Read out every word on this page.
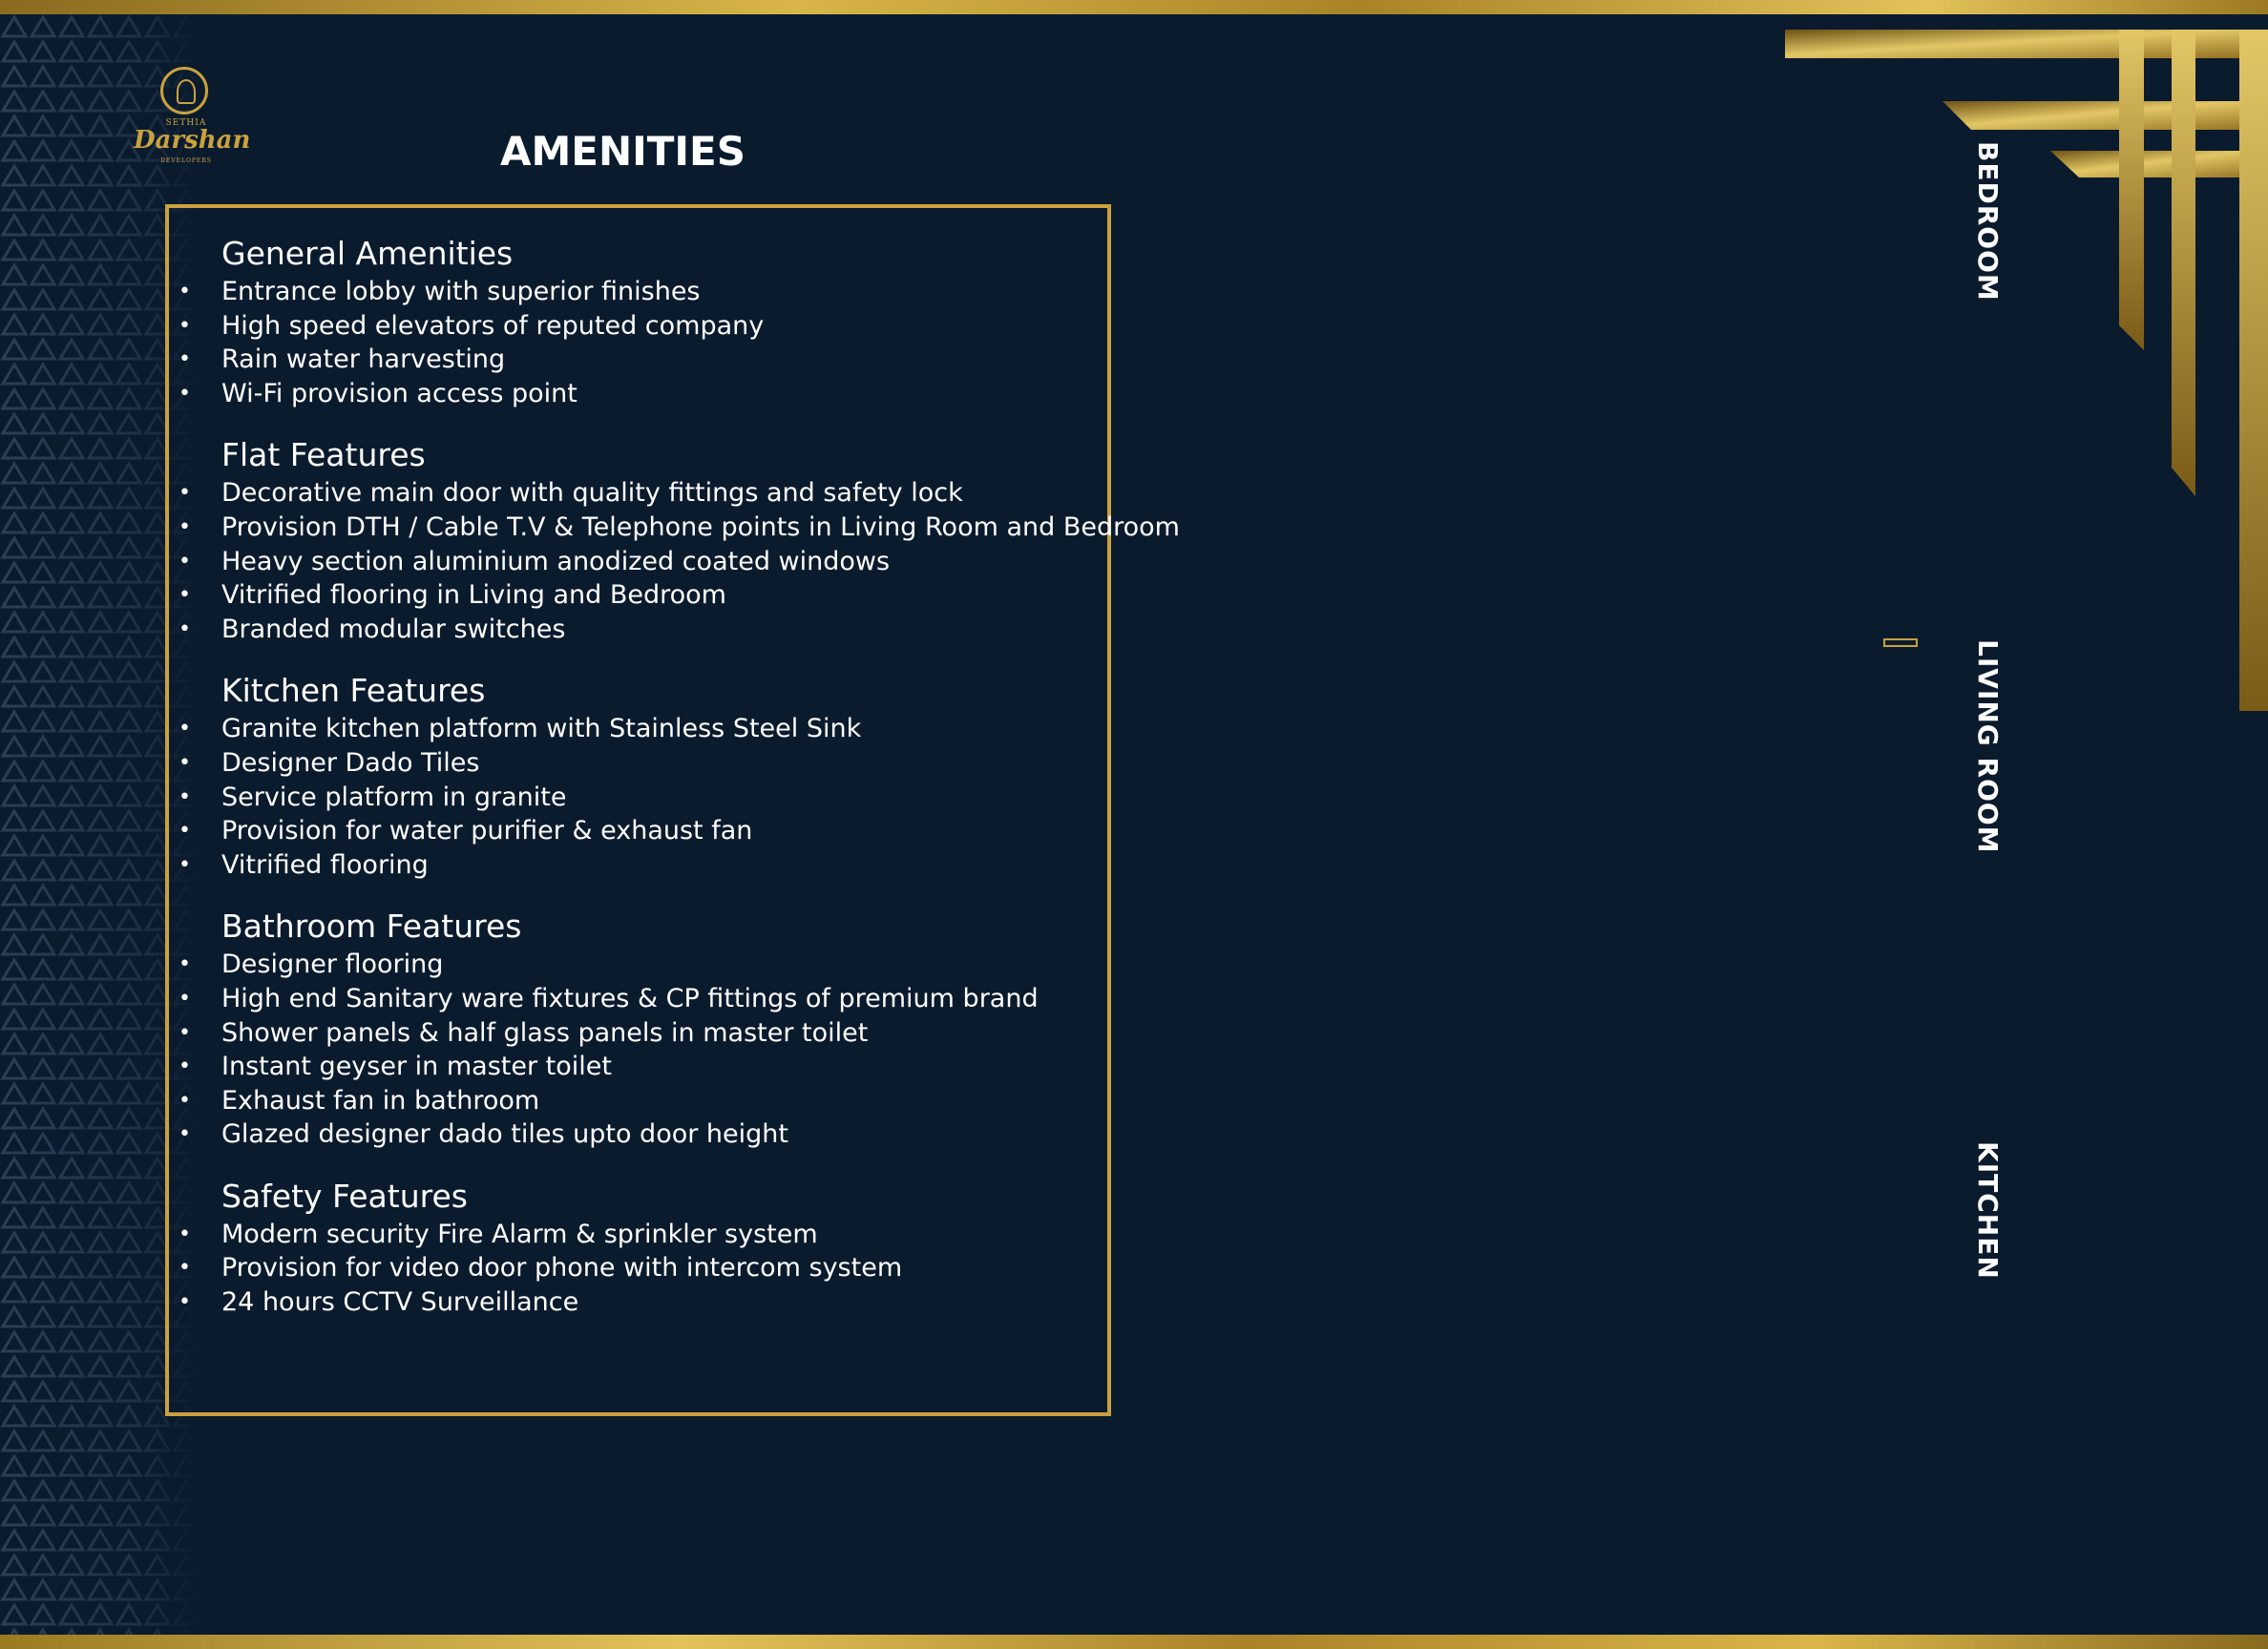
SETHIA
Darshan
DEVELOPERS	AMENITIES
General Amenities
• Entrance lobby with superior finishes
• High speed elevators of reputed company
• Rain water harvesting
• Wi-Fi provision access point
Flat Features
• Decorative main door with quality fittings and safety lock
• Provision DTH / Cable T.V & Telephone points in Living Room and Bedroom
• Heavy section aluminium anodized coated windows
• Vitrified flooring in Living and Bedroom
• Branded modular switches
Kitchen Features
• Granite kitchen platform with Stainless Steel Sink
• Designer Dado Tiles
• Service platform in granite
• Provision for water purifier & exhaust fan
• Vitrified flooring
Bathroom Features
• Designer flooring
• High end Sanitary ware fixtures & CP fittings of premium brand
• Shower panels & half glass panels in master toilet
• Instant geyser in master toilet
• Exhaust fan in bathroom
• Glazed designer dado tiles upto door height
Safety Features
• Modern security Fire Alarm & sprinkler system
• Provision for video door phone with intercom system
• 24 hours CCTV Surveillance
BEDROOM
LIVING ROOM
KITCHEN
